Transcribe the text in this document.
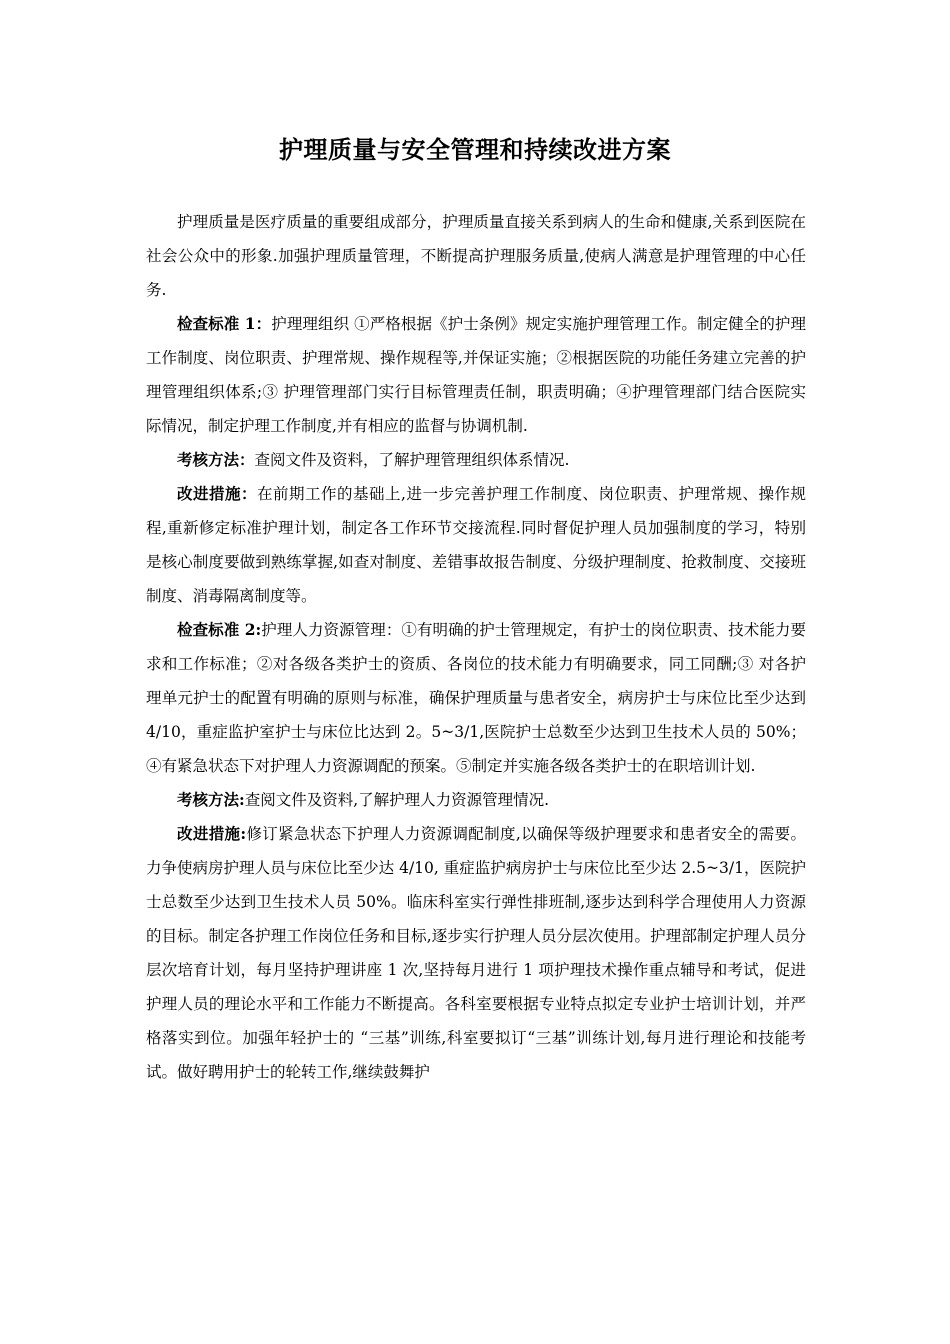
护理质量与安全管理和持续改进方案

护理质量是医疗质量的重要组成部分，护理质量直接关系到病人的生命和健康,关系到医院在社会公众中的形象.加强护理质量管理，不断提高护理服务质量,使病人满意是护理管理的中心任务.

检查标准 1：护理理组织 ①严格根据《护士条例》规定实施护理管理工作。制定健全的护理工作制度、岗位职责、护理常规、操作规程等,并保证实施；②根据医院的功能任务建立完善的护理管理组织体系;③ 护理管理部门实行目标管理责任制，职责明确；④护理管理部门结合医院实际情况，制定护理工作制度,并有相应的监督与协调机制.

考核方法：查阅文件及资料，了解护理管理组织体系情况.

改进措施：在前期工作的基础上,进一步完善护理工作制度、岗位职责、护理常规、操作规程,重新修定标准护理计划，制定各工作环节交接流程.同时督促护理人员加强制度的学习，特别是核心制度要做到熟练掌握,如查对制度、差错事故报告制度、分级护理制度、抢救制度、交接班制度、消毒隔离制度等。

检查标准 2:护理人力资源管理：①有明确的护士管理规定，有护士的岗位职责、技术能力要求和工作标准；②对各级各类护士的资质、各岗位的技术能力有明确要求，同工同酬;③ 对各护理单元护士的配置有明确的原则与标准，确保护理质量与患者安全，病房护士与床位比至少达到 4/10，重症监护室护士与床位比达到 2。5~3/1,医院护士总数至少达到卫生技术人员的 50%；④有紧急状态下对护理人力资源调配的预案。⑤制定并实施各级各类护士的在职培训计划.

考核方法:查阅文件及资料,了解护理人力资源管理情况.

改进措施:修订紧急状态下护理人力资源调配制度,以确保等级护理要求和患者安全的需要。力争使病房护理人员与床位比至少达 4/10, 重症监护病房护士与床位比至少达 2.5~3/1，医院护士总数至少达到卫生技术人员 50%。临床科室实行弹性排班制,逐步达到科学合理使用人力资源的目标。制定各护理工作岗位任务和目标,逐步实行护理人员分层次使用。护理部制定护理人员分层次培育计划，每月坚持护理讲座 1 次,坚持每月进行 1 项护理技术操作重点辅导和考试，促进护理人员的理论水平和工作能力不断提高。各科室要根据专业特点拟定专业护士培训计划，并严格落实到位。加强年轻护士的 “三基”训练,科室要拟订“三基”训练计划,每月进行理论和技能考试。做好聘用护士的轮转工作,继续鼓舞护
